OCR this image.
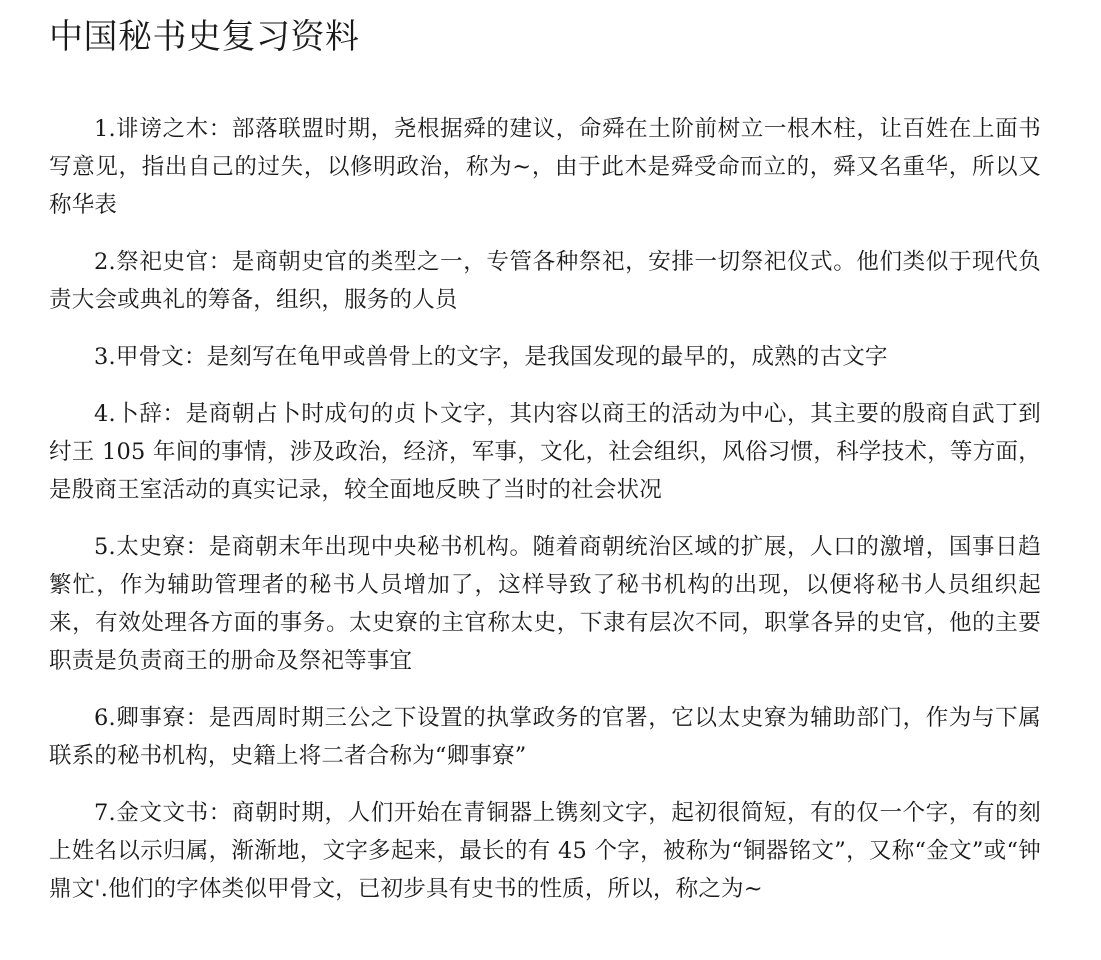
中国秘书史复习资料

1.诽谤之木：部落联盟时期，尧根据舜的建议，命舜在土阶前树立一根木柱，让百姓在上面书写意见，指出自己的过失，以修明政治，称为~，由于此木是舜受命而立的，舜又名重华，所以又称华表

2.祭祀史官：是商朝史官的类型之一，专管各种祭祀，安排一切祭祀仪式。他们类似于现代负责大会或典礼的筹备，组织，服务的人员

3.甲骨文：是刻写在龟甲或兽骨上的文字，是我国发现的最早的，成熟的古文字

4.卜辞：是商朝占卜时成句的贞卜文字，其内容以商王的活动为中心，其主要的殷商自武丁到纣王 105 年间的事情，涉及政治，经济，军事，文化，社会组织，风俗习惯，科学技术，等方面，是殷商王室活动的真实记录，较全面地反映了当时的社会状况

5.太史寮：是商朝末年出现中央秘书机构。随着商朝统治区域的扩展，人口的激增，国事日趋繁忙，作为辅助管理者的秘书人员增加了，这样导致了秘书机构的出现，以便将秘书人员组织起来，有效处理各方面的事务。太史寮的主官称太史，下隶有层次不同，职掌各异的史官，他的主要职责是负责商王的册命及祭祀等事宜

6.卿事寮：是西周时期三公之下设置的执掌政务的官署，它以太史寮为辅助部门，作为与下属联系的秘书机构，史籍上将二者合称为“卿事寮”

7.金文文书：商朝时期，人们开始在青铜器上镌刻文字，起初很简短，有的仅一个字，有的刻上姓名以示归属，渐渐地，文字多起来，最长的有 45 个字，被称为“铜器铭文”，又称“金文”或“钟鼎文'.他们的字体类似甲骨文，已初步具有史书的性质，所以，称之为~
